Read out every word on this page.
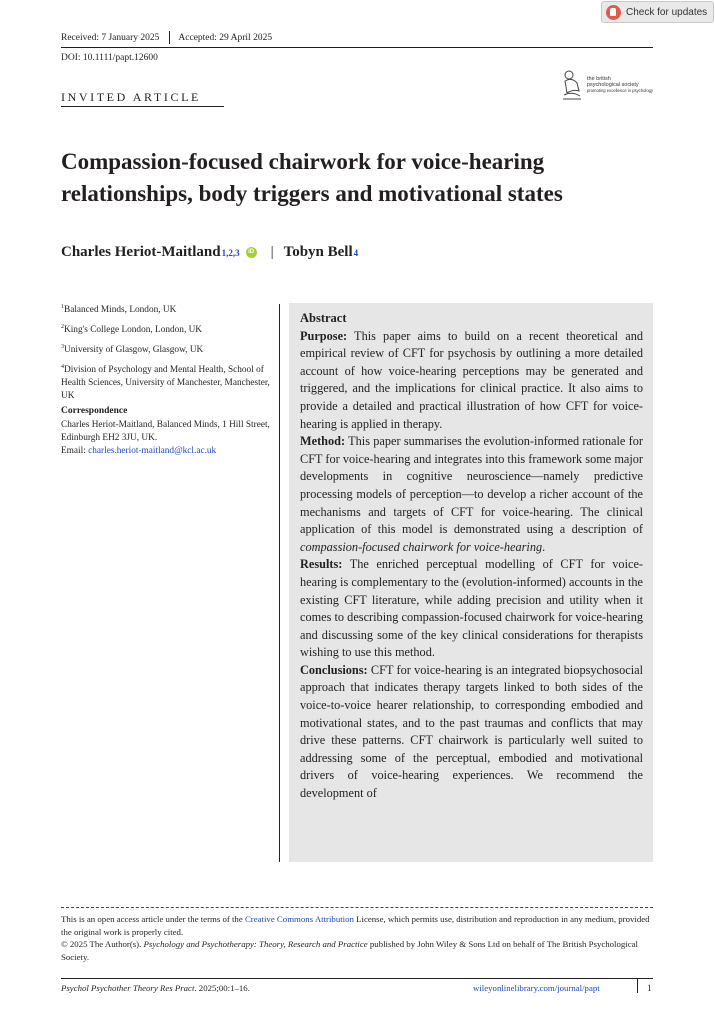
Check for updates
Received: 7 January 2025 Accepted: 29 April 2025
DOI: 10.1111/papt.12600
INVITED ARTICLE
the british
psychological society
promoting excellence in psychology
Compassion-focused chairwork for voice-hearing relationships, body triggers and motivational states
Charles Heriot-Maitland 1,2,3	iD | Tobyn Bell 4
$^1$Balanced Minds, London, UK
$^2$King's College London, London, UK
$^3$University of Glasgow, Glasgow, UK
$^4$Division of Psychology and Mental Health, School of Health Sciences, University of Manchester, Manchester, UK
Correspondence
Charles Heriot-Maitland, Balanced Minds, 1 Hill Street, Edinburgh EH2 3JU, UK.
Email: charles.heriot-maitland@kcl.ac.uk
Abstract
Purpose: This paper aims to build on a recent theoretical and empirical review of CFT for psychosis by outlining a more detailed account of how voice-hearing perceptions may be generated and triggered, and the implications for clinical practice. It also aims to provide a detailed and practical illustration of how CFT for voice-hearing is applied in therapy.
Method: This paper summarises the evolution-informed rationale for CFT for voice-hearing and integrates into this framework some major developments in cognitive neuroscience—namely predictive processing models of perception—to develop a richer account of the mechanisms and targets of CFT for voice-hearing. The clinical application of this model is demonstrated using a description of compassion-focused chairwork for voice-hearing.
Results: The enriched perceptual modelling of CFT for voice-hearing is complementary to the (evolution-informed) accounts in the existing CFT literature, while adding precision and utility when it comes to describing compassion-focused chairwork for voice-hearing and discussing some of the key clinical considerations for therapists wishing to use this method.
Conclusions: CFT for voice-hearing is an integrated biopsychosocial approach that indicates therapy targets linked to both sides of the voice-to-voice hearer relationship, to corresponding embodied and motivational states, and to the past traumas and conflicts that may drive these patterns. CFT chairwork is particularly well suited to addressing some of the perceptual, embodied and motivational drivers of voice-hearing experiences. We recommend the development of
This is an open access article under the terms of the Creative Commons Attribution License, which permits use, distribution and reproduction in any medium, provided the original work is properly cited.
© 2025 The Author(s). Psychology and Psychotherapy: Theory, Research and Practice published by John Wiley & Sons Ltd on behalf of The British Psychological Society.
Psychol Psychother Theory Res Pract. 2025;00:1–16.	wileyonlinelibrary.com/journal/papt	1
